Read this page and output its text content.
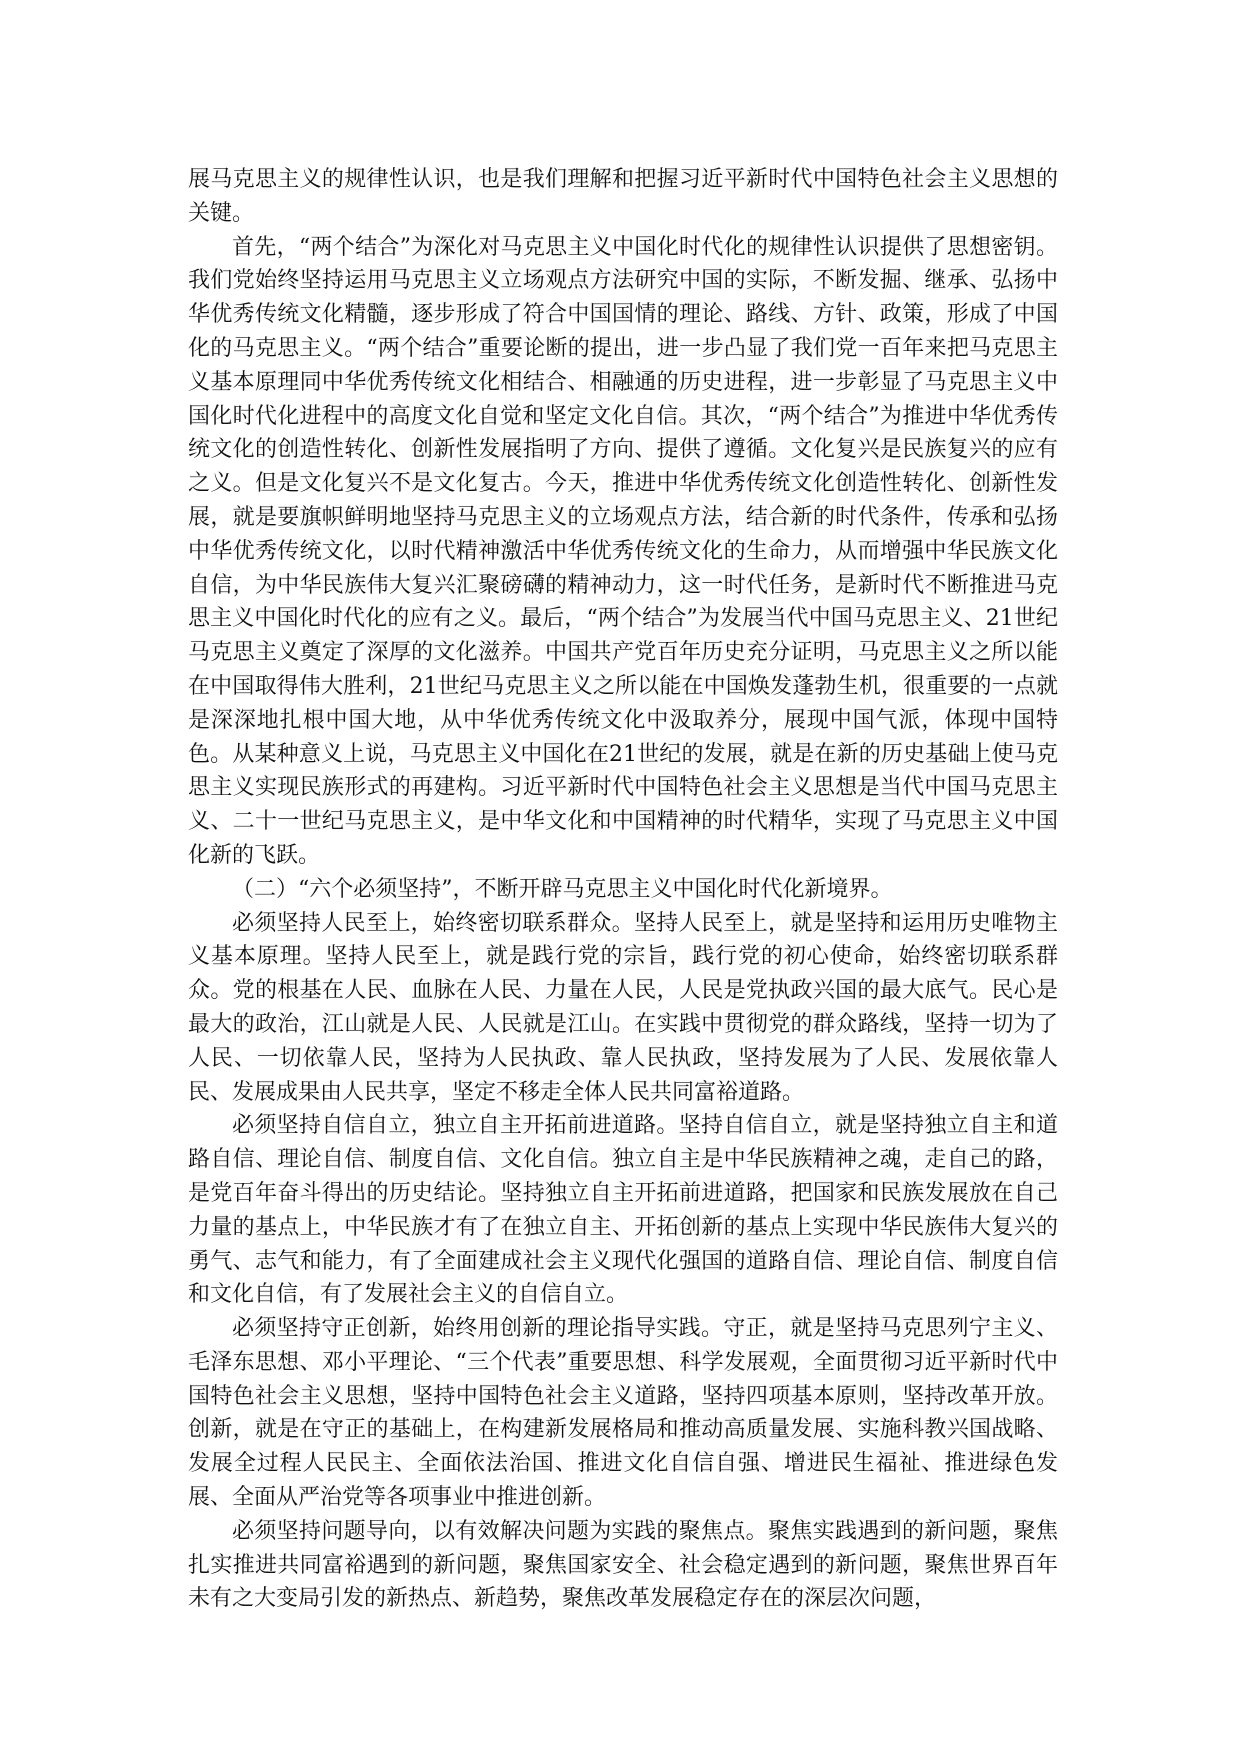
展马克思主义的规律性认识，也是我们理解和把握习近平新时代中国特色社会主义思想的关键。

首先，“两个结合”为深化对马克思主义中国化时代化的规律性认识提供了思想密钥。我们党始终坚持运用马克思主义立场观点方法研究中国的实际，不断发掘、继承、弘扬中华优秀传统文化精髓，逐步形成了符合中国国情的理论、路线、方针、政策，形成了中国化的马克思主义。“两个结合”重要论断的提出，进一步凸显了我们党一百年来把马克思主义基本原理同中华优秀传统文化相结合、相融通的历史进程，进一步彰显了马克思主义中国化时代化进程中的高度文化自觉和坚定文化自信。其次，“两个结合”为推进中华优秀传统文化的创造性转化、创新性发展指明了方向、提供了遵循。文化复兴是民族复兴的应有之义。但是文化复兴不是文化复古。今天，推进中华优秀传统文化创造性转化、创新性发展，就是要旗帜鲜明地坚持马克思主义的立场观点方法，结合新的时代条件，传承和弘扬中华优秀传统文化，以时代精神激活中华优秀传统文化的生命力，从而增强中华民族文化自信，为中华民族伟大复兴汇聚磅礴的精神动力，这一时代任务，是新时代不断推进马克思主义中国化时代化的应有之义。最后，“两个结合”为发展当代中国马克思主义、21世纪马克思主义奠定了深厚的文化滋养。中国共产党百年历史充分证明，马克思主义之所以能在中国取得伟大胜利，21世纪马克思主义之所以能在中国焕发蓬勃生机，很重要的一点就是深深地扎根中国大地，从中华优秀传统文化中汲取养分，展现中国气派，体现中国特色。从某种意义上说，马克思主义中国化在21世纪的发展，就是在新的历史基础上使马克思主义实现民族形式的再建构。习近平新时代中国特色社会主义思想是当代中国马克思主义、二十一世纪马克思主义，是中华文化和中国精神的时代精华，实现了马克思主义中国化新的飞跃。

（二）“六个必须坚持”，不断开辟马克思主义中国化时代化新境界。

必须坚持人民至上，始终密切联系群众。坚持人民至上，就是坚持和运用历史唯物主义基本原理。坚持人民至上，就是践行党的宗旨，践行党的初心使命，始终密切联系群众。党的根基在人民、血脉在人民、力量在人民，人民是党执政兴国的最大底气。民心是最大的政治，江山就是人民、人民就是江山。在实践中贯彻党的群众路线，坚持一切为了人民、一切依靠人民，坚持为人民执政、靠人民执政，坚持发展为了人民、发展依靠人民、发展成果由人民共享，坚定不移走全体人民共同富裕道路。

必须坚持自信自立，独立自主开拓前进道路。坚持自信自立，就是坚持独立自主和道路自信、理论自信、制度自信、文化自信。独立自主是中华民族精神之魂，走自己的路，是党百年奋斗得出的历史结论。坚持独立自主开拓前进道路，把国家和民族发展放在自己力量的基点上，中华民族才有了在独立自主、开拓创新的基点上实现中华民族伟大复兴的勇气、志气和能力，有了全面建成社会主义现代化强国的道路自信、理论自信、制度自信和文化自信，有了发展社会主义的自信自立。

必须坚持守正创新，始终用创新的理论指导实践。守正，就是坚持马克思列宁主义、毛泽东思想、邓小平理论、“三个代表”重要思想、科学发展观，全面贯彻习近平新时代中国特色社会主义思想，坚持中国特色社会主义道路，坚持四项基本原则，坚持改革开放。创新，就是在守正的基础上，在构建新发展格局和推动高质量发展、实施科教兴国战略、发展全过程人民民主、全面依法治国、推进文化自信自强、增进民生福祉、推进绿色发展、全面从严治党等各项事业中推进创新。

必须坚持问题导向，以有效解决问题为实践的聚焦点。聚焦实践遇到的新问题，聚焦扎实推进共同富裕遇到的新问题，聚焦国家安全、社会稳定遇到的新问题，聚焦世界百年未有之大变局引发的新热点、新趋势，聚焦改革发展稳定存在的深层次问题，
